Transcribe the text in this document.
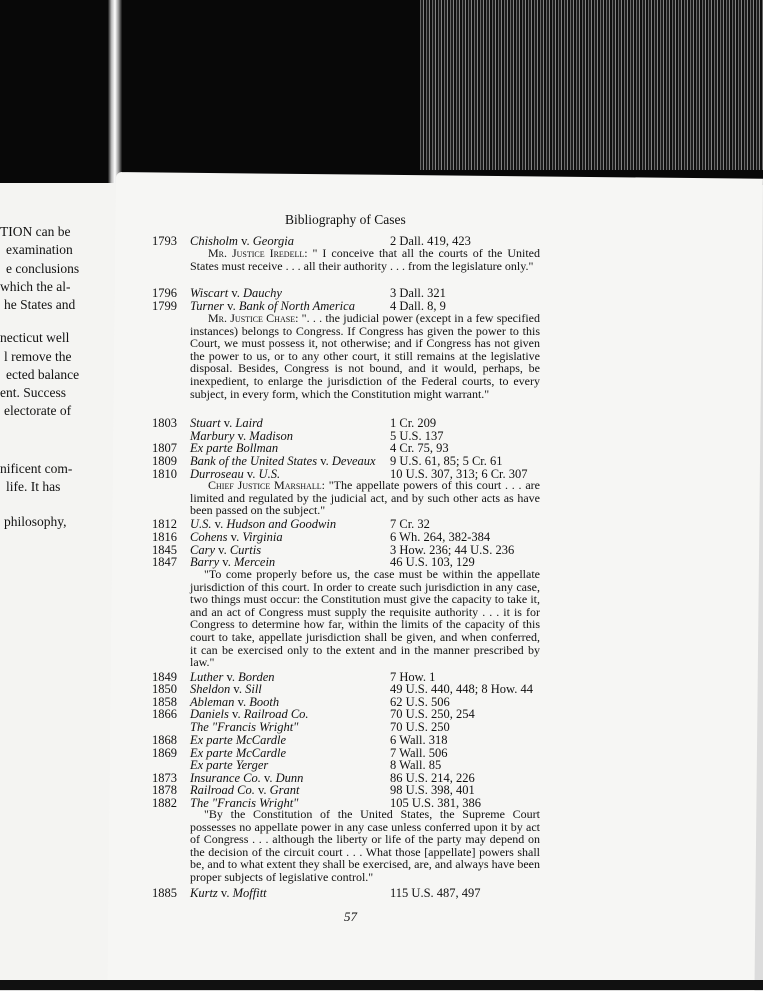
TION can be
examination
e conclusions
which the al-
he States and
necticut well
l remove the
ected balance
ent. Success
electorate of
nificent com-
life. It has
philosophy,
Bibliography of Cases
1793 Chisholm v. Georgia	2 Dall. 419, 423
1796 Wiscart v. Dauchy	3 Dall. 321
1799 Turner v. Bank of North America	4 Dall. 8, 9
1803 Stuart v. Laird	1 Cr. 209
Marbury v. Madison	5 U.S. 137
1807 Ex parte Bollman	4 Cr. 75, 93
1809 Bank of the United States v. Deveaux 9 U.S. 61, 85; 5 Cr. 61
1810 Durroseau v. U.S.	10 U.S. 307, 313; 6 Cr. 307
1812 U.S. v. Hudson and Goodwin	7 Cr. 32
1816 Cohens v. Virginia	6 Wh. 264, 382-384
1845 Cary v. Curtis	3 How. 236; 44 U.S. 236
1847 Barry v. Mercein	46 U.S. 103, 129
1849 Luther v. Borden	7 How. 1
1850 Sheldon v. Sill	49 U.S. 440, 448; 8 How. 44
1858 Ableman v. Booth	62 U.S. 506
1866 Daniels v. Railroad Co.	70 U.S. 250, 254
The "Francis Wright"	70 U.S. 250
1868 Ex parte McCardle	6 Wall. 318
1869 Ex parte McCardle	7 Wall. 506
Ex parte Yerger	8 Wall. 85
1873 Insurance Co. v. Dunn	86 U.S. 214, 226
1878 Railroad Co. v. Grant	98 U.S. 398, 401
1882 The "Francis Wright"	105 U.S. 381, 386
1885 Kurtz v. Moffitt	115 U.S. 487, 497
Mr. Justice Iredell: " I conceive that all the courts of the United States must receive . . . all their authority . . . from the legislature only."
Mr. Justice Chase: ". . . the judicial power (except in a few specified instances) belongs to Congress. If Congress has given the power to this Court, we must possess it, not otherwise; and if Congress has not given the power to us, or to any other court, it still remains at the legislative disposal. Besides, Congress is not bound, and it would, perhaps, be inexpedient, to enlarge the jurisdiction of the Federal courts, to every subject, in every form, which the Constitution might warrant."
Chief Justice Marshall: "The appellate powers of this court . . . are limited and regulated by the judicial act, and by such other acts as have been passed on the subject."
"To come properly before us, the case must be within the appellate jurisdiction of this court. In order to create such jurisdiction in any case, two things must occur: the Constitution must give the capacity to take it, and an act of Congress must supply the requisite authority . . . it is for Congress to determine how far, within the limits of the capacity of this court to take, appellate jurisdiction shall be given, and when conferred, it can be exercised only to the extent and in the manner prescribed by law."
"By the Constitution of the United States, the Supreme Court possesses no appellate power in any case unless conferred upon it by act of Congress . . . although the liberty or life of the party may depend on the decision of the circuit court . . . What those [appellate] powers shall be, and to what extent they shall be exercised, are, and always have been proper subjects of legislative control."
57
